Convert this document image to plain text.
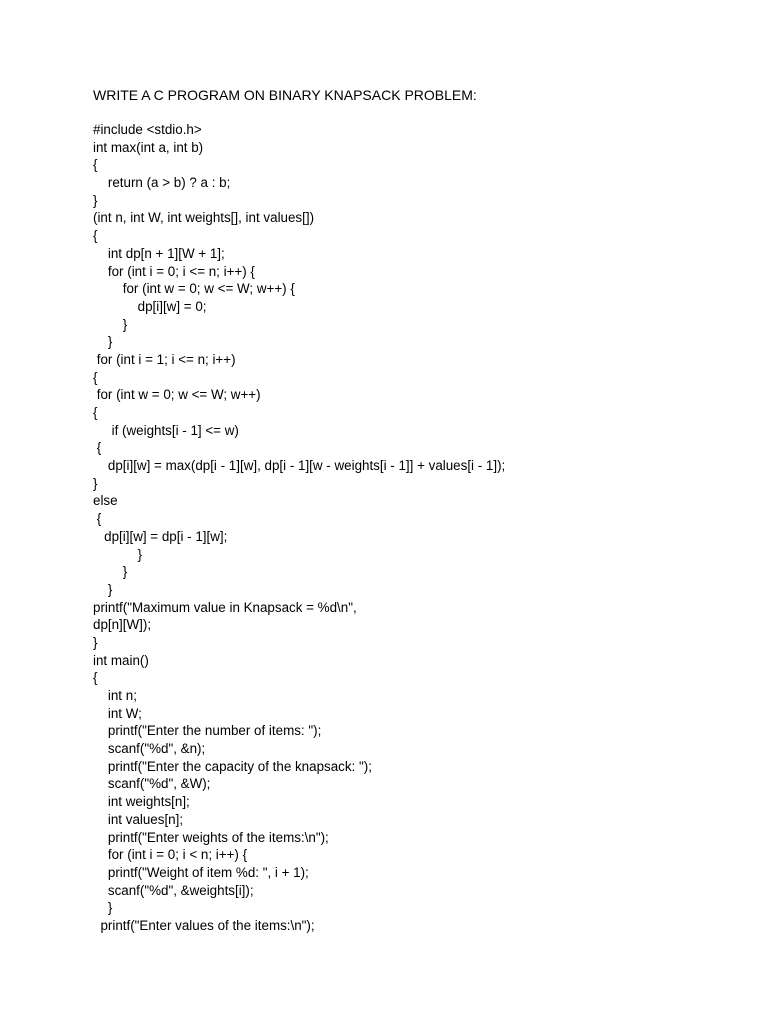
WRITE A C PROGRAM ON BINARY KNAPSACK PROBLEM:
#include <stdio.h>
int max(int a, int b)
{
return (a > b) ? a : b;
}
(int n, int W, int weights[], int values[])
{
int dp[n + 1][W + 1];
for (int i = 0; i <= n; i++) {
for (int w = 0; w <= W; w++) {
dp[i][w] = 0;
}
}
for (int i = 1; i <= n; i++)
{
for (int w = 0; w <= W; w++)
{
if (weights[i - 1] <= w)
{
dp[i][w] = max(dp[i - 1][w], dp[i - 1][w - weights[i - 1]] + values[i - 1]);
}
else
{
dp[i][w] = dp[i - 1][w];
}
}
}
printf("Maximum value in Knapsack = %d\n",
dp[n][W]);
}
int main()
{
int n;
int W;
printf("Enter the number of items: ");
scanf("%d", &n);
printf("Enter the capacity of the knapsack: ");
scanf("%d", &W);
int weights[n];
int values[n];
printf("Enter weights of the items:\n");
for (int i = 0; i < n; i++) {
printf("Weight of item %d: ", i + 1);
scanf("%d", &weights[i]);
}
printf("Enter values of the items:\n");
